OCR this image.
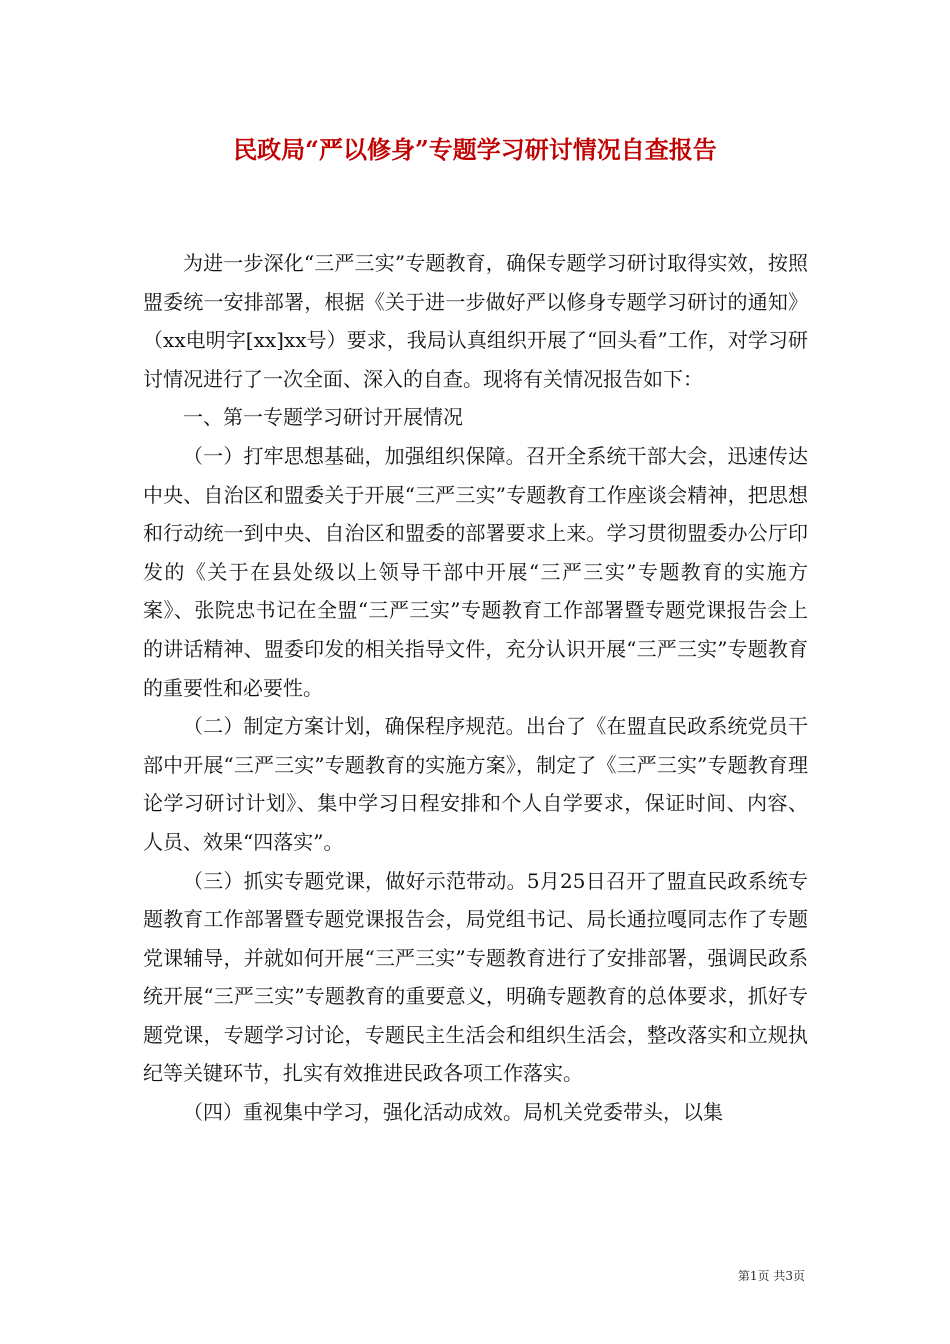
民政局“严以修身”专题学习研讨情况自查报告

为进一步深化“三严三实”专题教育，确保专题学习研讨取得实效，按照盟委统一安排部署，根据《关于进一步做好严以修身专题学习研讨的通知》（xx电明字[xx]xx号）要求，我局认真组织开展了“回头看”工作，对学习研讨情况进行了一次全面、深入的自查。现将有关情况报告如下：

一、第一专题学习研讨开展情况

（一）打牢思想基础，加强组织保障。召开全系统干部大会，迅速传达中央、自治区和盟委关于开展“三严三实”专题教育工作座谈会精神，把思想和行动统一到中央、自治区和盟委的部署要求上来。学习贯彻盟委办公厅印发的《关于在县处级以上领导干部中开展“三严三实”专题教育的实施方案》、张院忠书记在全盟“三严三实”专题教育工作部署暨专题党课报告会上的讲话精神、盟委印发的相关指导文件，充分认识开展“三严三实”专题教育的重要性和必要性。

（二）制定方案计划，确保程序规范。出台了《在盟直民政系统党员干部中开展“三严三实”专题教育的实施方案》，制定了《三严三实”专题教育理论学习研讨计划》、集中学习日程安排和个人自学要求，保证时间、内容、人员、效果“四落实”。

（三）抓实专题党课，做好示范带动。5月25日召开了盟直民政系统专题教育工作部署暨专题党课报告会，局党组书记、局长通拉嘎同志作了专题党课辅导，并就如何开展“三严三实”专题教育进行了安排部署，强调民政系统开展“三严三实”专题教育的重要意义，明确专题教育的总体要求，抓好专题党课，专题学习讨论，专题民主生活会和组织生活会，整改落实和立规执纪等关键环节，扎实有效推进民政各项工作落实。

（四）重视集中学习，强化活动成效。局机关党委带头，以集

第1页 共3页
